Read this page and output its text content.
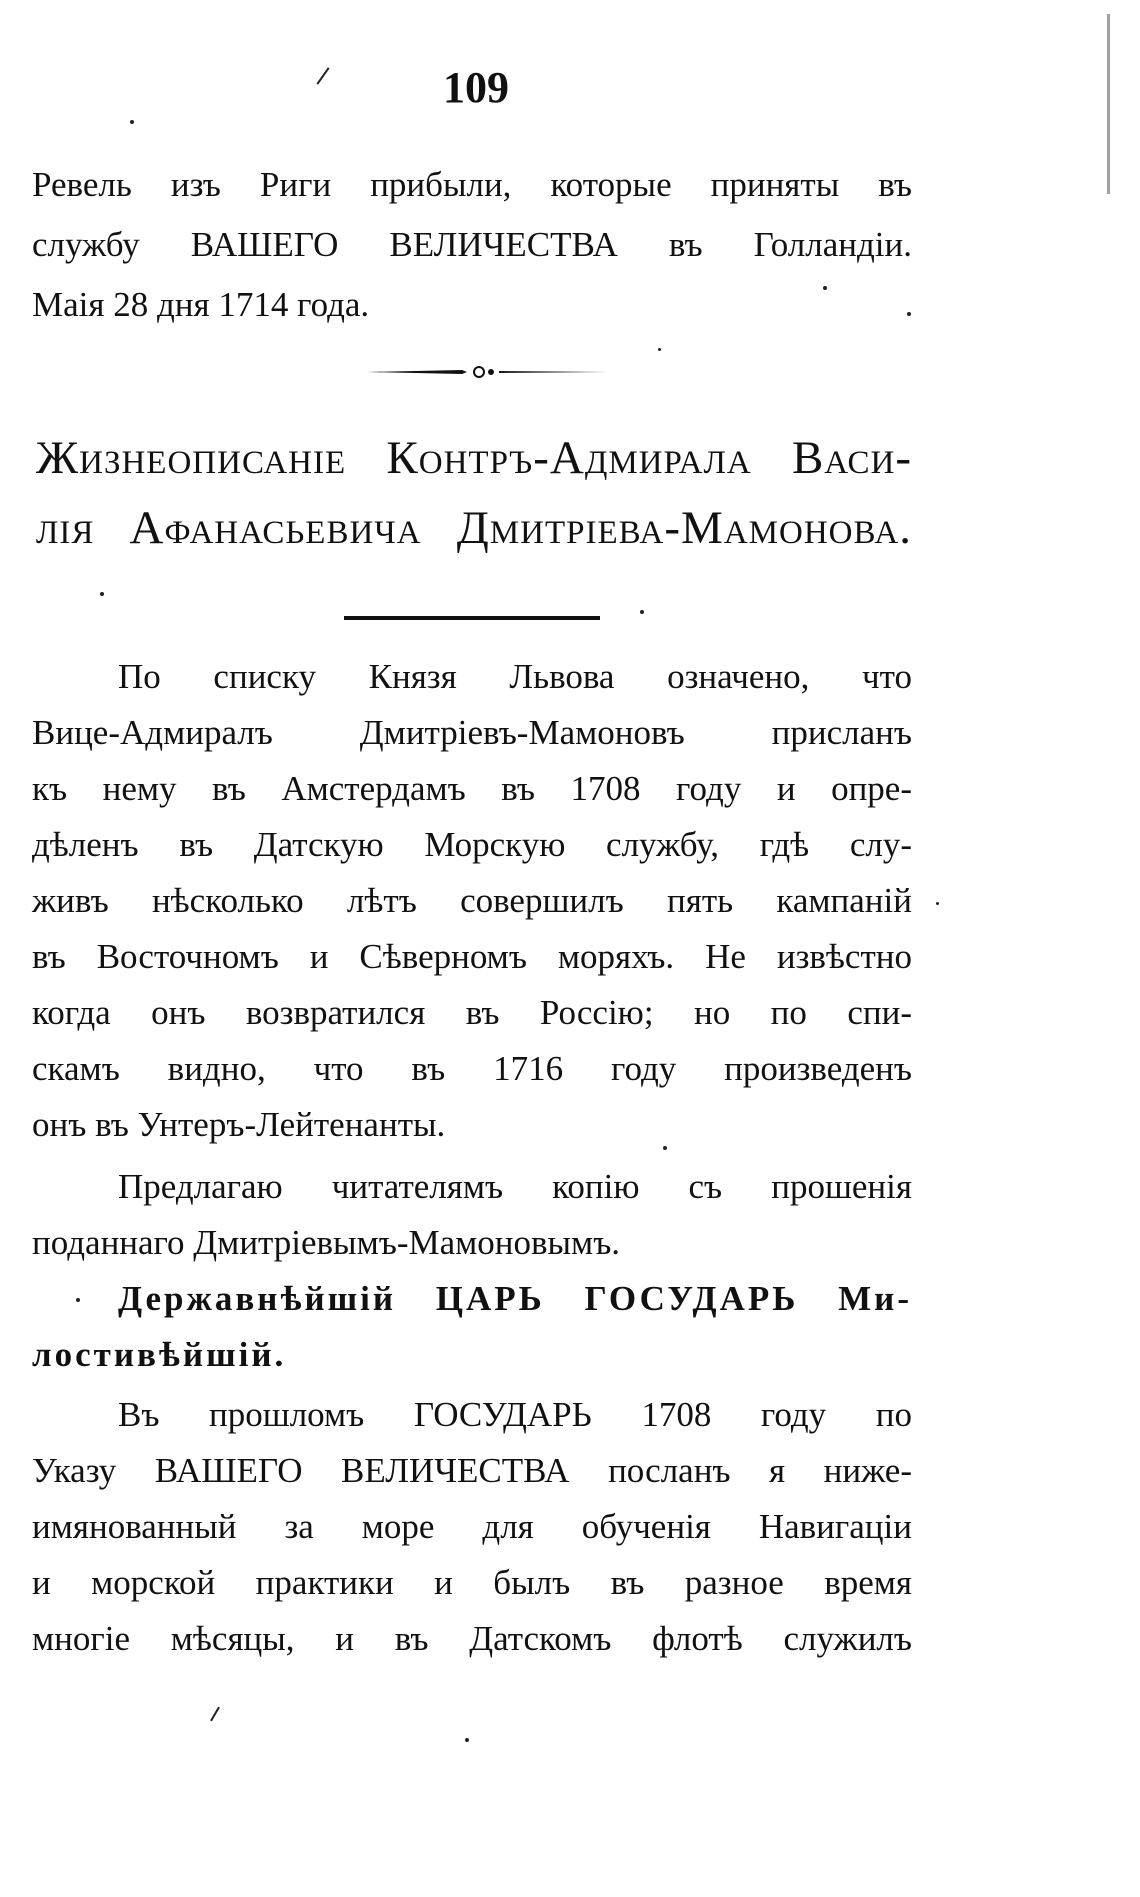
109
Ревель изъ Риги прибыли, которые приняты въ
службу ВАШЕГО ВЕЛИЧЕСТВА въ Голландіи.
Маія 28 дня 1714 года.
Жизнеописаніе Контръ-Адмирала Васи-
лія Афанасьевича Дмитріева-Мамонова.
По списку Князя Львова означено, что
Вице-Адмиралъ Дмитріевъ-Мамоновъ присланъ
къ нему въ Амстердамъ въ 1708 году и опре-
дѣленъ въ Датскую Морскую службу, гдѣ слу-
живъ нѣсколько лѣтъ совершилъ пять кампаній
въ Восточномъ и Сѣверномъ моряхъ. Не извѣстно
когда онъ возвратился въ Россію; но по спи-
скамъ видно, что въ 1716 году произведенъ
онъ въ Унтеръ-Лейтенанты.
Предлагаю читателямъ копію съ прошенія
поданнаго Дмитріевымъ-Мамоновымъ.
Державнѣйшій ЦАРЬ ГОСУДАРЬ Ми-
лостивѣйшій.
Въ прошломъ ГОСУДАРЬ 1708 году по
Указу ВАШЕГО ВЕЛИЧЕСТВА посланъ я ниже-
имянованный за море для обученія Навигаціи
и морской практики и былъ въ разное время
многіе мѣсяцы, и въ Датскомъ флотѣ служилъ
